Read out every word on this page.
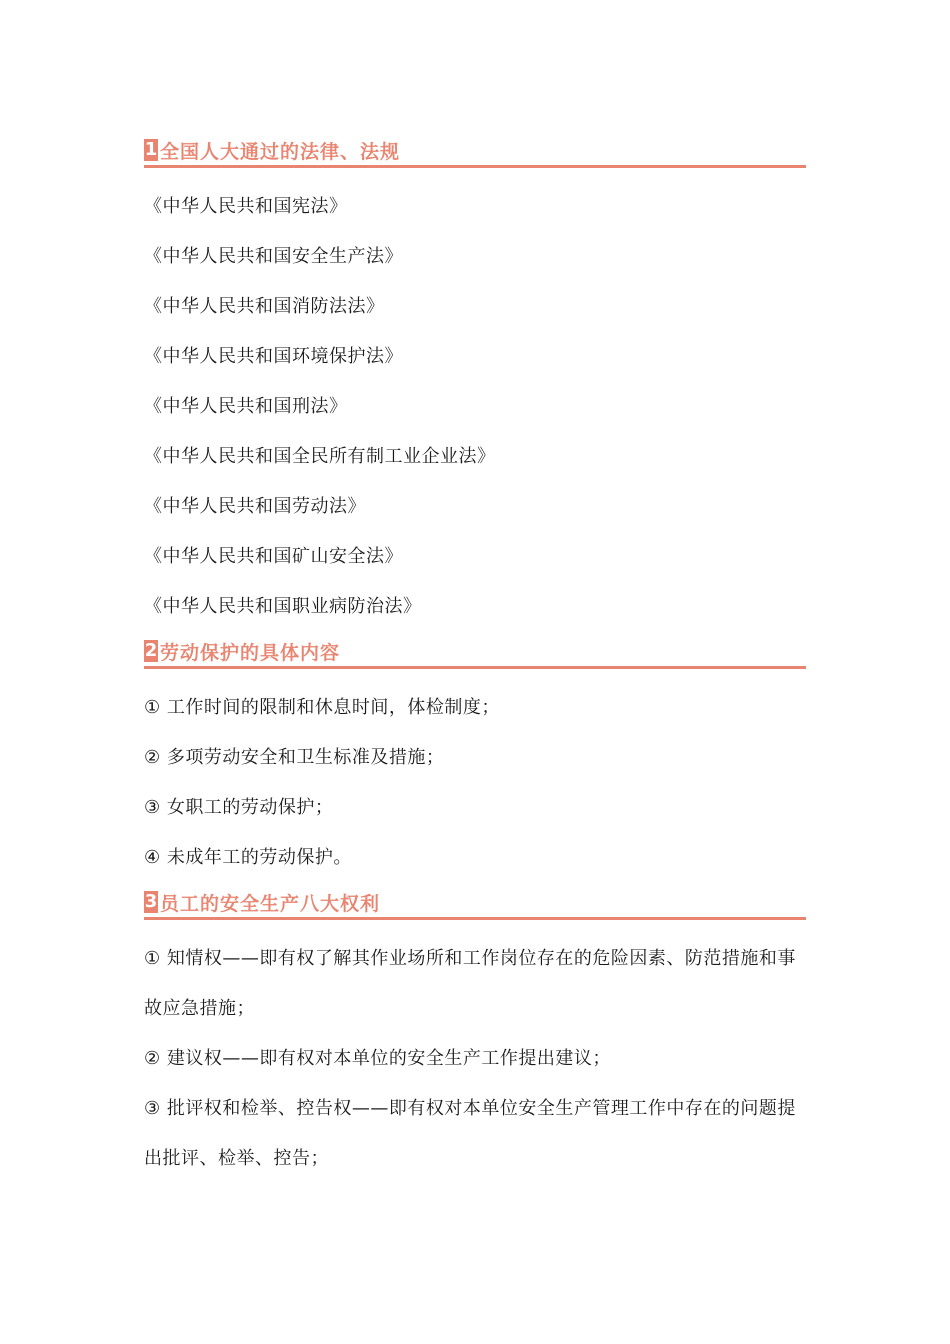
1 全国人大通过的法律、法规
《中华人民共和国宪法》
《中华人民共和国安全生产法》
《中华人民共和国消防法法》
《中华人民共和国环境保护法》
《中华人民共和国刑法》
《中华人民共和国全民所有制工业企业法》
《中华人民共和国劳动法》
《中华人民共和国矿山安全法》
《中华人民共和国职业病防治法》
2 劳动保护的具体内容
① 工作时间的限制和休息时间，体检制度；
② 多项劳动安全和卫生标准及措施；
③ 女职工的劳动保护；
④ 未成年工的劳动保护。
3 员工的安全生产八大权利
① 知情权——即有权了解其作业场所和工作岗位存在的危险因素、防范措施和事故应急措施；
② 建议权——即有权对本单位的安全生产工作提出建议；
③ 批评权和检举、控告权——即有权对本单位安全生产管理工作中存在的问题提出批评、检举、控告；
